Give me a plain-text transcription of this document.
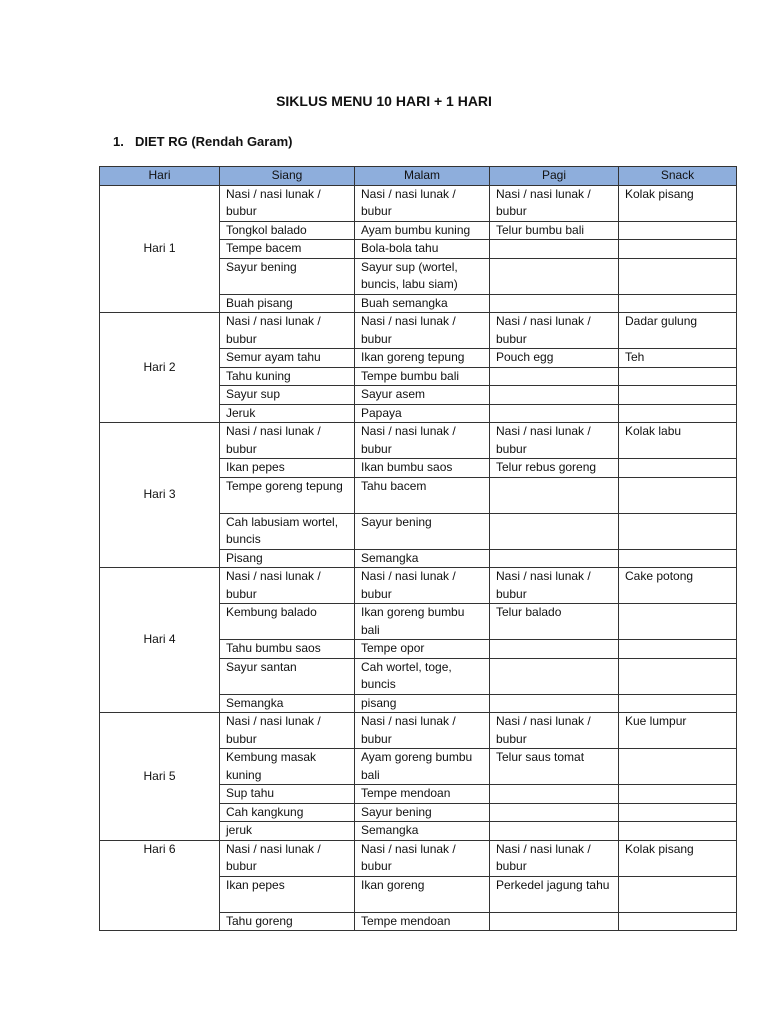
SIKLUS MENU 10 HARI + 1 HARI
1. DIET RG (Rendah Garam)
Hari	Siang	Malam	Pagi	Snack
Hari 1	Nasi / nasi lunak / bubur	Nasi / nasi lunak / bubur	Nasi / nasi lunak / bubur	Kolak pisang
	Tongkol balado	Ayam bumbu kuning	Telur bumbu bali	
	Tempe bacem	Bola-bola tahu		
	Sayur bening	Sayur sup (wortel, buncis, labu siam)		
	Buah pisang	Buah semangka		
Hari 2	Nasi / nasi lunak / bubur	Nasi / nasi lunak / bubur	Nasi / nasi lunak / bubur	Dadar gulung
	Semur ayam tahu	Ikan goreng tepung	Pouch egg	Teh
	Tahu kuning	Tempe bumbu bali		
	Sayur sup	Sayur asem		
	Jeruk	Papaya		
Hari 3	Nasi / nasi lunak / bubur	Nasi / nasi lunak / bubur	Nasi / nasi lunak / bubur	Kolak labu
	Ikan pepes	Ikan bumbu saos	Telur rebus goreng	
	Tempe goreng tepung	Tahu bacem		
	Cah labusiam wortel, buncis	Sayur bening		
	Pisang	Semangka		
Hari 4	Nasi / nasi lunak / bubur	Nasi / nasi lunak / bubur	Nasi / nasi lunak / bubur	Cake potong
	Kembung balado	Ikan goreng bumbu bali	Telur balado	
	Tahu bumbu saos	Tempe opor		
	Sayur santan	Cah wortel, toge, buncis		
	Semangka	pisang		
Hari 5	Nasi / nasi lunak / bubur	Nasi / nasi lunak / bubur	Nasi / nasi lunak / bubur	Kue lumpur
	Kembung masak kuning	Ayam goreng bumbu bali	Telur saus tomat	
	Sup tahu	Tempe mendoan		
	Cah kangkung	Sayur bening		
	jeruk	Semangka		
Hari 6	Nasi / nasi lunak / bubur	Nasi / nasi lunak / bubur	Nasi / nasi lunak / bubur	Kolak pisang
	Ikan pepes	Ikan goreng	Perkedel jagung tahu	
	Tahu goreng	Tempe mendoan		
